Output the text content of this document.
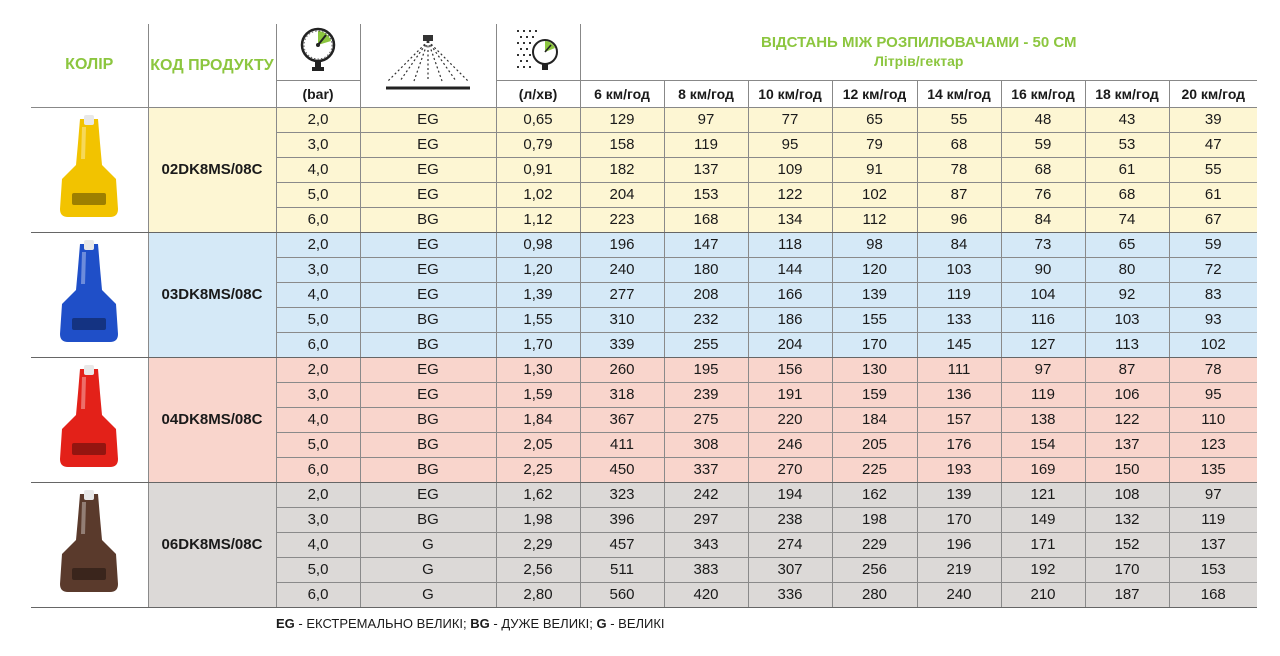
КОЛІР	КОД ПРОДУКТУ				ВІДСТАНЬ МІЖ РОЗПИЛЮВАЧАМИ - 50 СМ
Літрів/гектар							

		(bar)		(л/хв)	6 км/год	8 км/год	10 км/год	12 км/год	14 км/год	16 км/год	18 км/год	20 км/год
	02DK8MS/08C	2,0	EG	0,65	129	97	77	65	55	48	43	39
		3,0	EG	0,79	158	119	95	79	68	59	53	47
		4,0	EG	0,91	182	137	109	91	78	68	61	55
		5,0	EG	1,02	204	153	122	102	87	76	68	61
		6,0	BG	1,12	223	168	134	112	96	84	74	67
	03DK8MS/08C	2,0	EG	0,98	196	147	118	98	84	73	65	59
		3,0	EG	1,20	240	180	144	120	103	90	80	72
		4,0	EG	1,39	277	208	166	139	119	104	92	83
		5,0	BG	1,55	310	232	186	155	133	116	103	93
		6,0	BG	1,70	339	255	204	170	145	127	113	102
	04DK8MS/08C	2,0	EG	1,30	260	195	156	130	111	97	87	78
		3,0	EG	1,59	318	239	191	159	136	119	106	95
		4,0	BG	1,84	367	275	220	184	157	138	122	110
		5,0	BG	2,05	411	308	246	205	176	154	137	123
		6,0	BG	2,25	450	337	270	225	193	169	150	135
	06DK8MS/08C	2,0	EG	1,62	323	242	194	162	139	121	108	97
		3,0	BG	1,98	396	297	238	198	170	149	132	119
		4,0	G	2,29	457	343	274	229	196	171	152	137
		5,0	G	2,56	511	383	307	256	219	192	170	153
		6,0	G	2,80	560	420	336	280	240	210	187	168
EG - ЕКСТРЕМАЛЬНО ВЕЛИКІ; BG - ДУЖЕ ВЕЛИКІ; G - ВЕЛИКІ
